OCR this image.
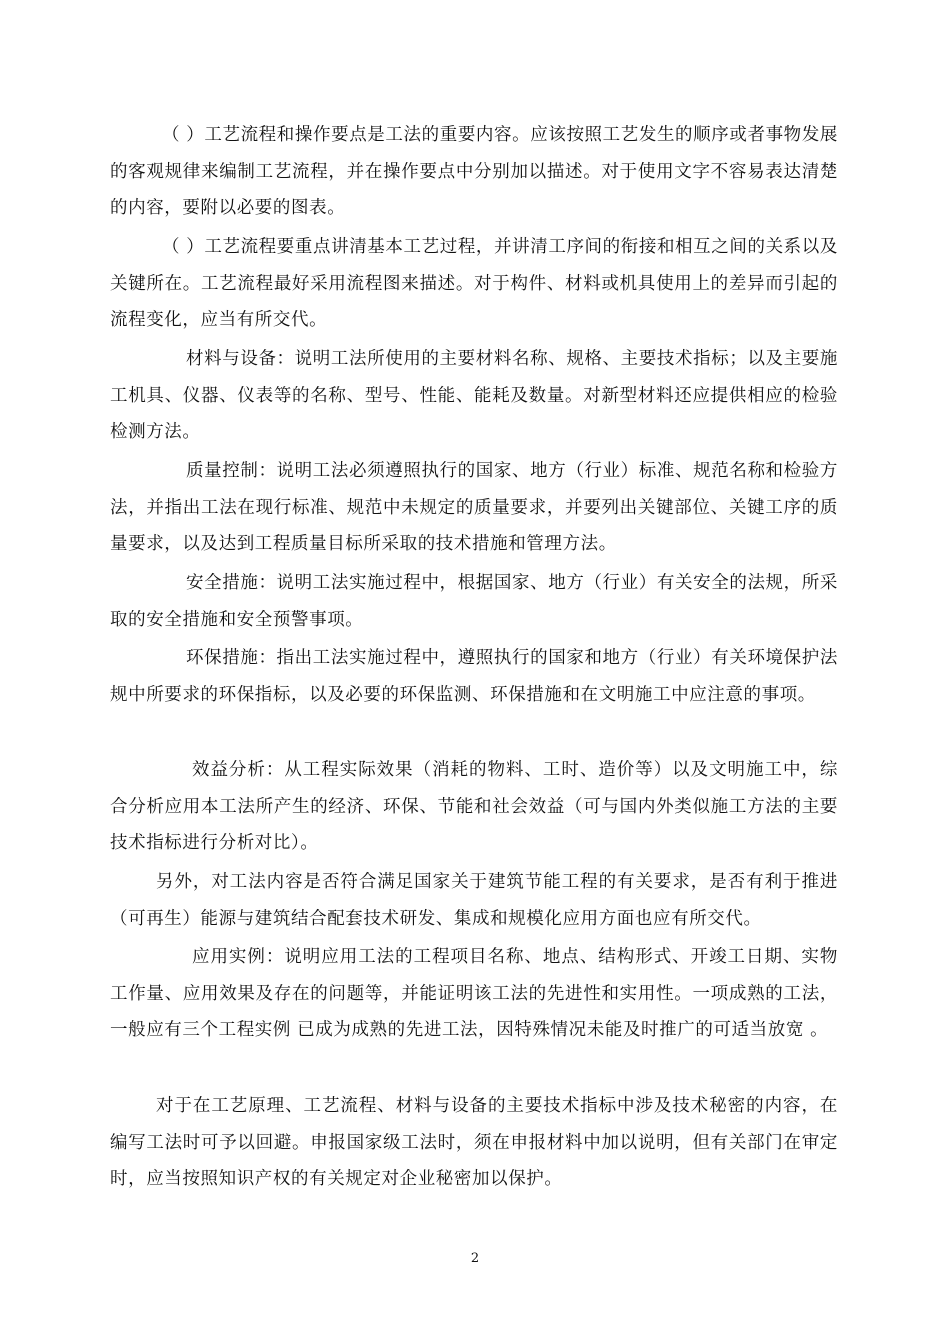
（ ）工艺流程和操作要点是工法的重要内容。应该按照工艺发生的顺序或者事物发展的客观规律来编制工艺流程，并在操作要点中分别加以描述。对于使用文字不容易表达清楚的内容，要附以必要的图表。

（ ）工艺流程要重点讲清基本工艺过程，并讲清工序间的衔接和相互之间的关系以及关键所在。工艺流程最好采用流程图来描述。对于构件、材料或机具使用上的差异而引起的流程变化，应当有所交代。

材料与设备：说明工法所使用的主要材料名称、规格、主要技术指标；以及主要施工机具、仪器、仪表等的名称、型号、性能、能耗及数量。对新型材料还应提供相应的检验检测方法。

质量控制：说明工法必须遵照执行的国家、地方（行业）标准、规范名称和检验方法，并指出工法在现行标准、规范中未规定的质量要求，并要列出关键部位、关键工序的质量要求，以及达到工程质量目标所采取的技术措施和管理方法。

安全措施：说明工法实施过程中，根据国家、地方（行业）有关安全的法规，所采取的安全措施和安全预警事项。

环保措施：指出工法实施过程中，遵照执行的国家和地方（行业）有关环境保护法规中所要求的环保指标，以及必要的环保监测、环保措施和在文明施工中应注意的事项。

效益分析：从工程实际效果（消耗的物料、工时、造价等）以及文明施工中，综合分析应用本工法所产生的经济、环保、节能和社会效益（可与国内外类似施工方法的主要技术指标进行分析对比）。

另外，对工法内容是否符合满足国家关于建筑节能工程的有关要求，是否有利于推进（可再生）能源与建筑结合配套技术研发、集成和规模化应用方面也应有所交代。

应用实例：说明应用工法的工程项目名称、地点、结构形式、开竣工日期、实物工作量、应用效果及存在的问题等，并能证明该工法的先进性和实用性。一项成熟的工法，一般应有三个工程实例 已成为成熟的先进工法，因特殊情况未能及时推广的可适当放宽 。

对于在工艺原理、工艺流程、材料与设备的主要技术指标中涉及技术秘密的内容，在编写工法时可予以回避。申报国家级工法时，须在申报材料中加以说明，但有关部门在审定时，应当按照知识产权的有关规定对企业秘密加以保护。

2
